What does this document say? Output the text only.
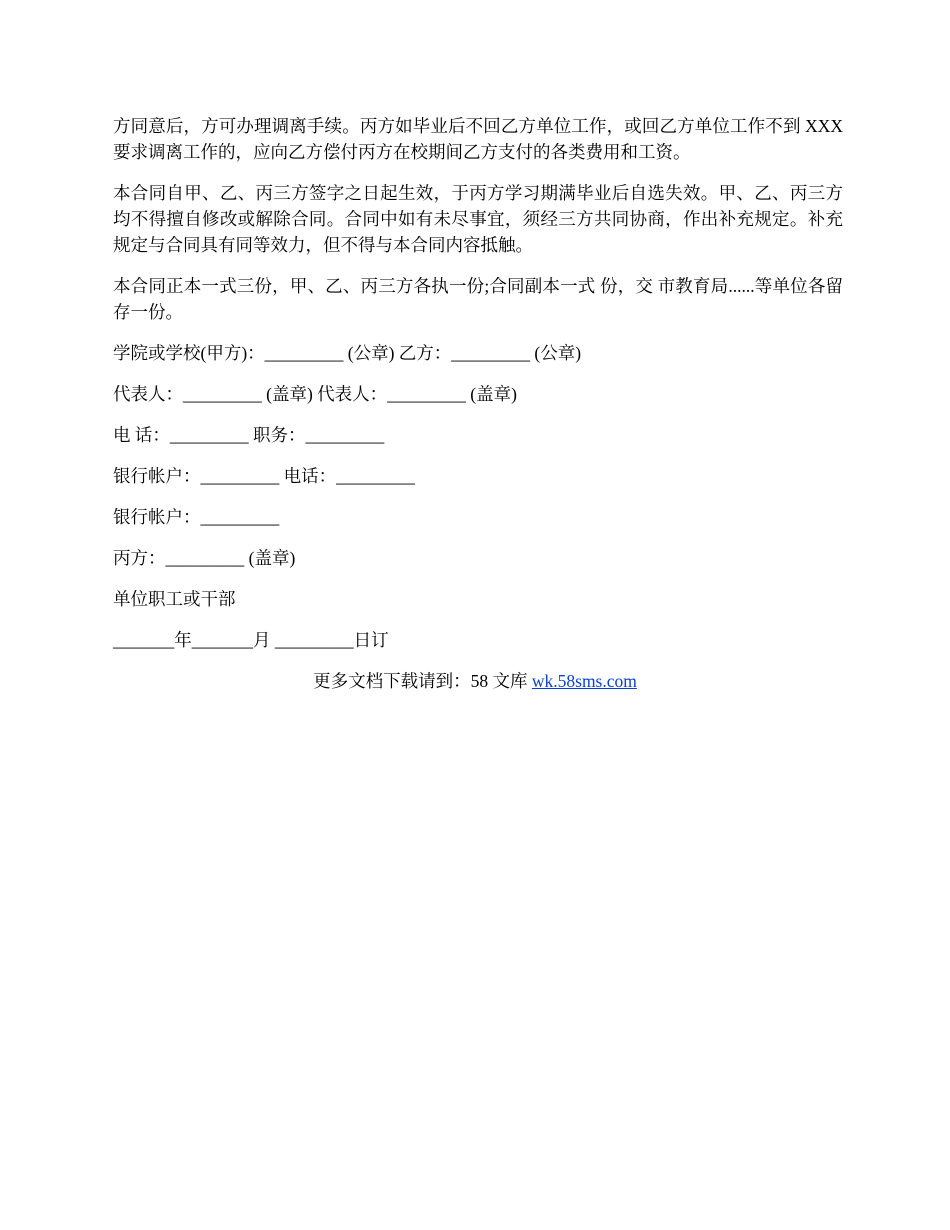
方同意后，方可办理调离手续。丙方如毕业后不回乙方单位工作，或回乙方单位工作不到 XXX 要求调离工作的，应向乙方偿付丙方在校期间乙方支付的各类费用和工资。

本合同自甲、乙、丙三方签字之日起生效，于丙方学习期满毕业后自选失效。甲、乙、丙三方均不得擅自修改或解除合同。合同中如有未尽事宜，须经三方共同协商，作出补充规定。补充规定与合同具有同等效力，但不得与本合同内容抵触。

本合同正本一式三份，甲、乙、丙三方各执一份;合同副本一式 份，交 市教育局......等单位各留存一份。

学院或学校(甲方)：_________ (公章) 乙方：_________ (公章)

代表人：_________ (盖章) 代表人：_________ (盖章)

电 话：_________ 职务：_________

银行帐户：_________ 电话：_________

银行帐户：_________

丙方：_________ (盖章)

单位职工或干部

_______年_______月 _________日订

更多文档下载请到：58 文库 wk.58sms.com
